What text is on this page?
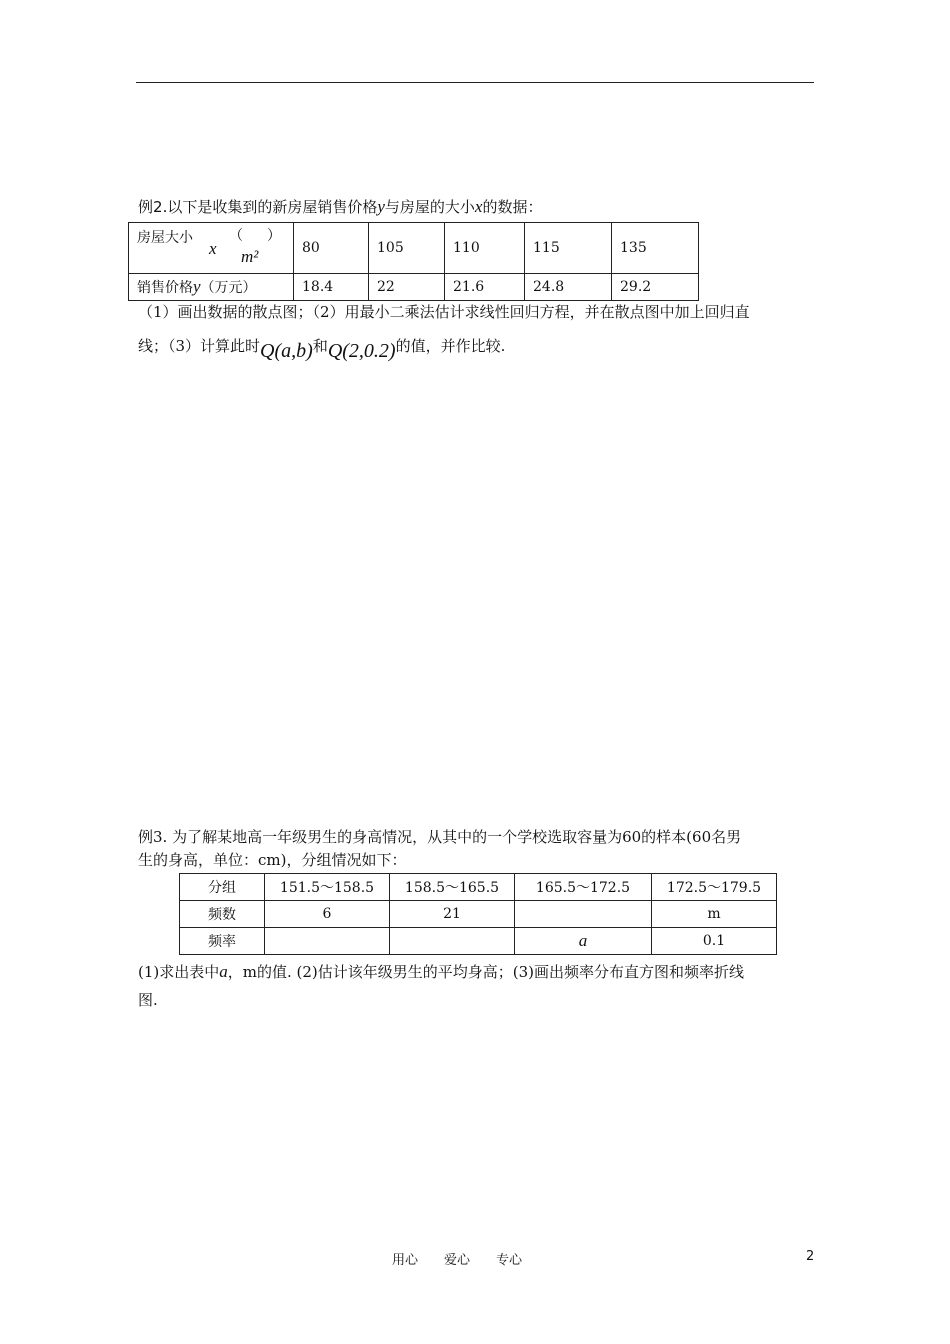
例2.以下是收集到的新房屋销售价格y与房屋的大小x的数据：
房屋大小
x
（
m²
）	80	105	110	115	135
销售价格y（万元）	18.4	22	21.6	24.8	29.2
（1）画出数据的散点图；（2）用最小二乘法估计求线性回归方程，并在散点图中加上回归直
线；（3）计算此时Q(a,b)和Q(2,0.2)的值，并作比较.
例3. 为了解某地高一年级男生的身高情况，从其中的一个学校选取容量为60的样本(60名男
生的身高，单位：cm)，分组情况如下：
分组	151.5～158.5	158.5～165.5	165.5～172.5	172.5～179.5
频数	6	21		m
频率			a	0.1
(1)求出表中a，m的值. (2)估计该年级男生的平均身高；(3)画出频率分布直方图和频率折线
图.
用心　　爱心　　专心	2
